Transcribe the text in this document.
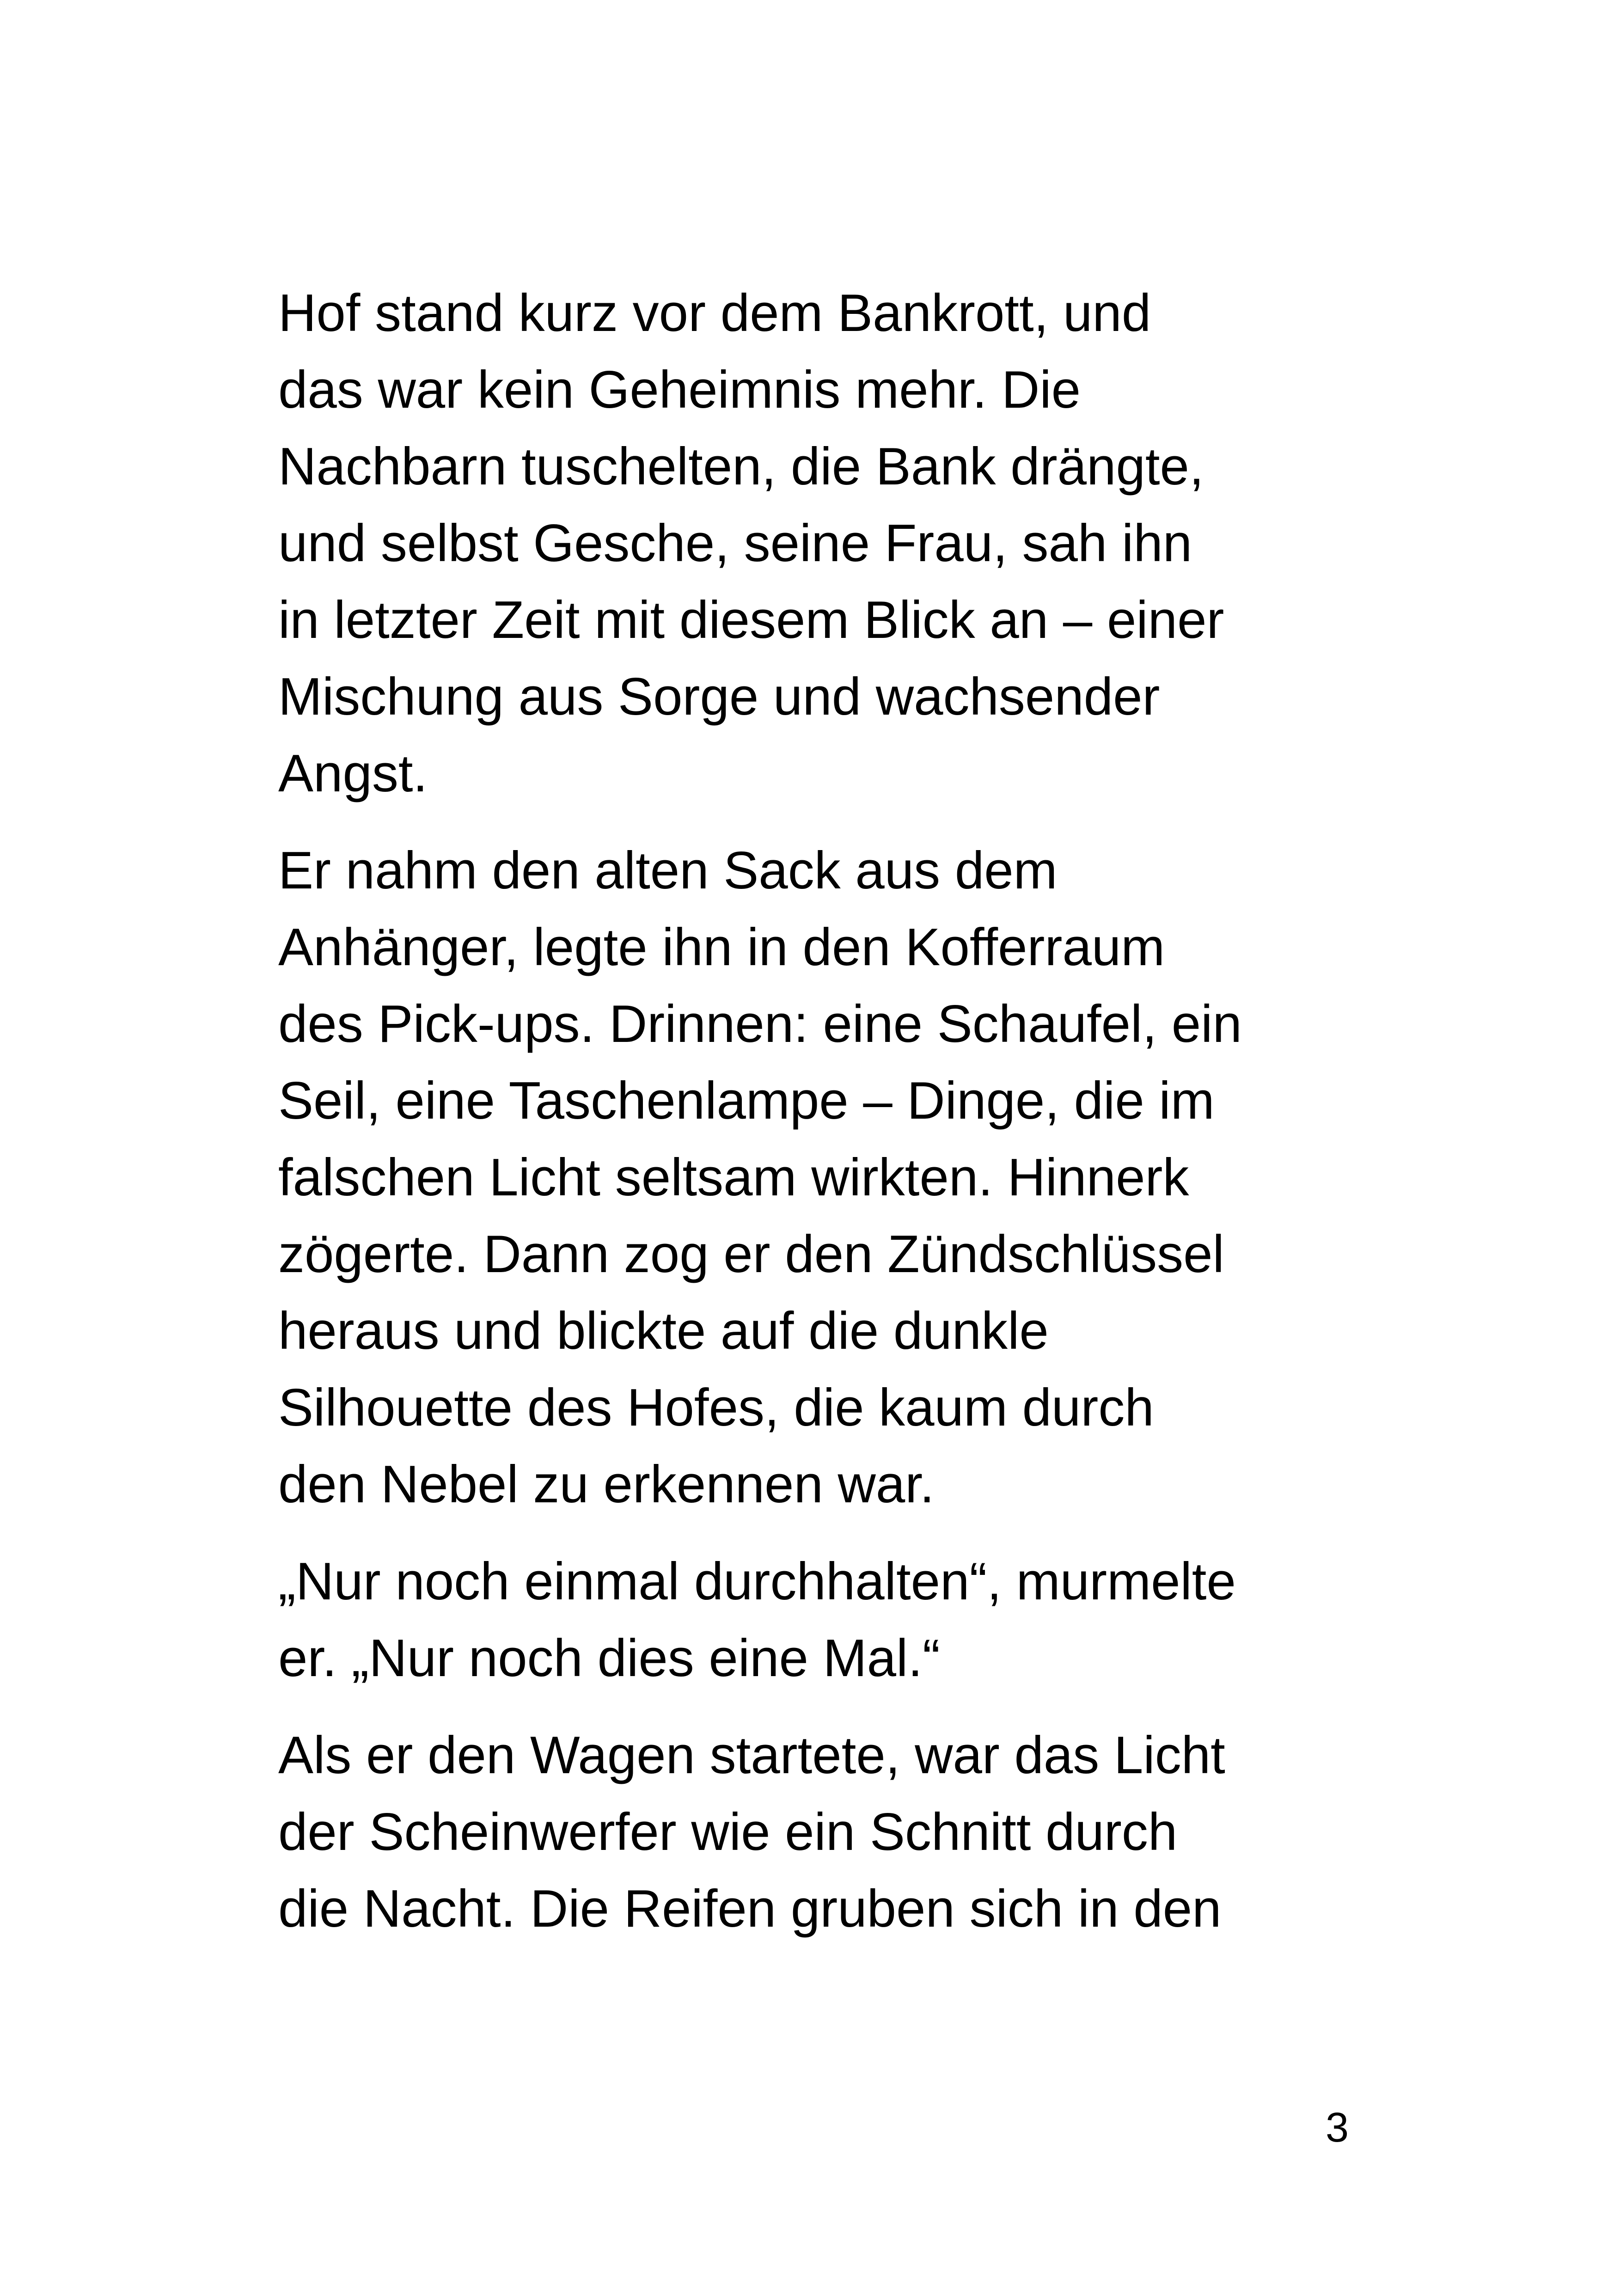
Hof stand kurz vor dem Bankrott, und
das war kein Geheimnis mehr. Die
Nachbarn tuschelten, die Bank drängte,
und selbst Gesche, seine Frau, sah ihn
in letzter Zeit mit diesem Blick an – einer
Mischung aus Sorge und wachsender
Angst.

Er nahm den alten Sack aus dem
Anhänger, legte ihn in den Kofferraum
des Pick-ups. Drinnen: eine Schaufel, ein
Seil, eine Taschenlampe – Dinge, die im
falschen Licht seltsam wirkten. Hinnerk
zögerte. Dann zog er den Zündschlüssel
heraus und blickte auf die dunkle
Silhouette des Hofes, die kaum durch
den Nebel zu erkennen war.

„Nur noch einmal durchhalten“, murmelte
er. „Nur noch dies eine Mal.“

Als er den Wagen startete, war das Licht
der Scheinwerfer wie ein Schnitt durch
die Nacht. Die Reifen gruben sich in den

3
